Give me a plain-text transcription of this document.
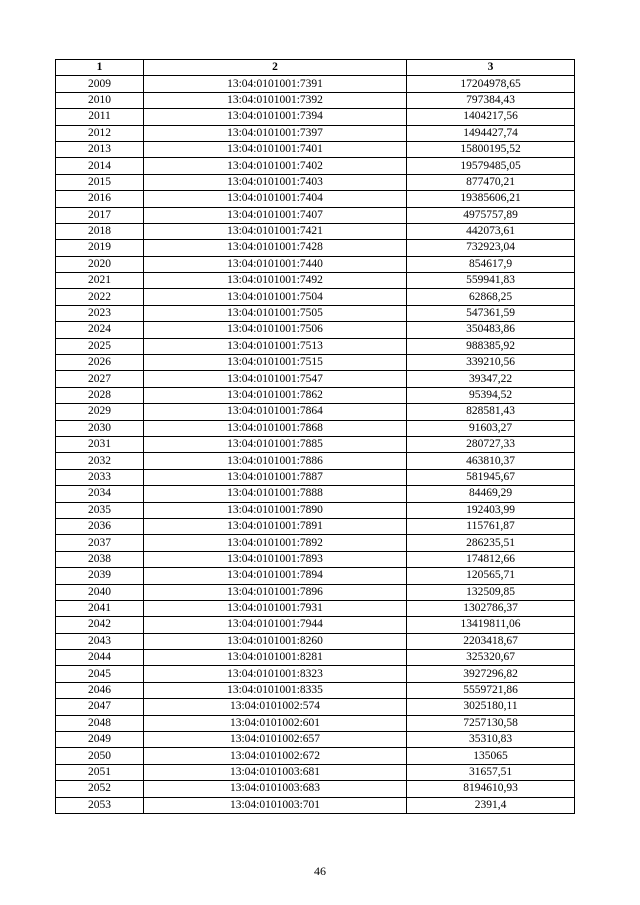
1	2	3
2009	13:04:0101001:7391	17204978,65
2010	13:04:0101001:7392	797384,43
2011	13:04:0101001:7394	1404217,56
2012	13:04:0101001:7397	1494427,74
2013	13:04:0101001:7401	15800195,52
2014	13:04:0101001:7402	19579485,05
2015	13:04:0101001:7403	877470,21
2016	13:04:0101001:7404	19385606,21
2017	13:04:0101001:7407	4975757,89
2018	13:04:0101001:7421	442073,61
2019	13:04:0101001:7428	732923,04
2020	13:04:0101001:7440	854617,9
2021	13:04:0101001:7492	559941,83
2022	13:04:0101001:7504	62868,25
2023	13:04:0101001:7505	547361,59
2024	13:04:0101001:7506	350483,86
2025	13:04:0101001:7513	988385,92
2026	13:04:0101001:7515	339210,56
2027	13:04:0101001:7547	39347,22
2028	13:04:0101001:7862	95394,52
2029	13:04:0101001:7864	828581,43
2030	13:04:0101001:7868	91603,27
2031	13:04:0101001:7885	280727,33
2032	13:04:0101001:7886	463810,37
2033	13:04:0101001:7887	581945,67
2034	13:04:0101001:7888	84469,29
2035	13:04:0101001:7890	192403,99
2036	13:04:0101001:7891	115761,87
2037	13:04:0101001:7892	286235,51
2038	13:04:0101001:7893	174812,66
2039	13:04:0101001:7894	120565,71
2040	13:04:0101001:7896	132509,85
2041	13:04:0101001:7931	1302786,37
2042	13:04:0101001:7944	13419811,06
2043	13:04:0101001:8260	2203418,67
2044	13:04:0101001:8281	325320,67
2045	13:04:0101001:8323	3927296,82
2046	13:04:0101001:8335	5559721,86
2047	13:04:0101002:574	3025180,11
2048	13:04:0101002:601	7257130,58
2049	13:04:0101002:657	35310,83
2050	13:04:0101002:672	135065
2051	13:04:0101003:681	31657,51
2052	13:04:0101003:683	8194610,93
2053	13:04:0101003:701	2391,4
46
